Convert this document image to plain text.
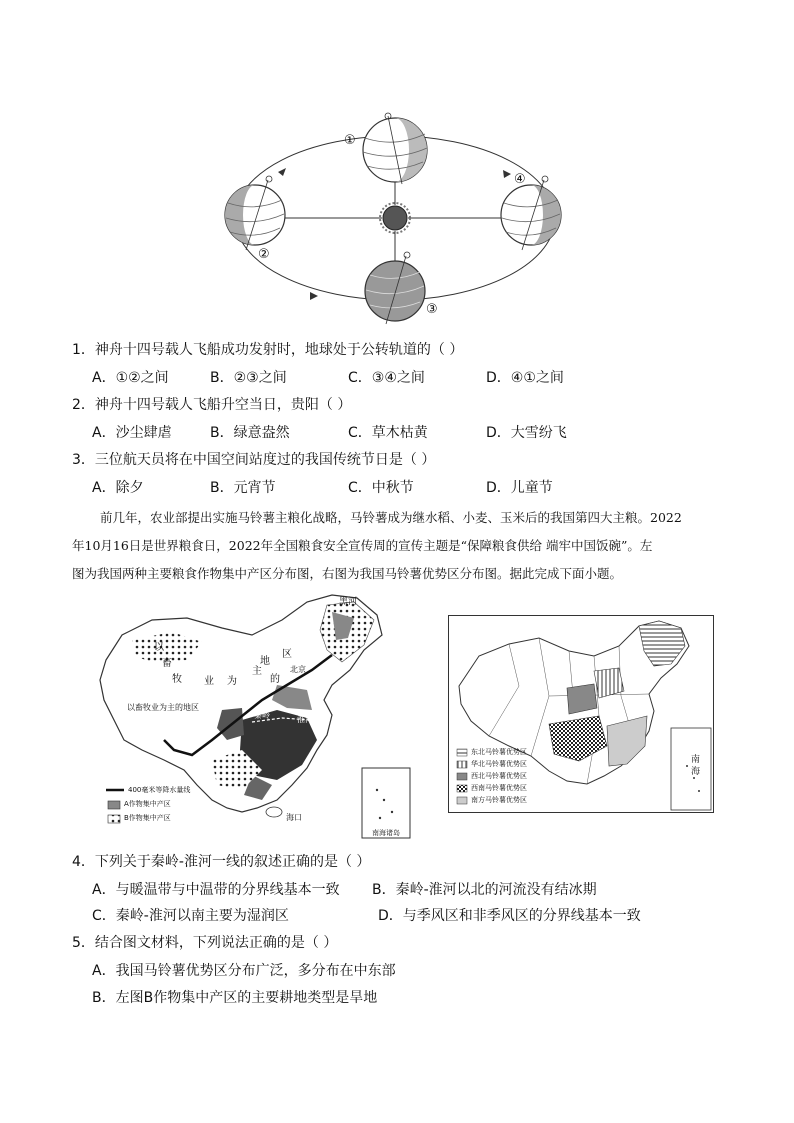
①
②
③
④
1．神舟十四号载人飞船成功发射时，地球处于公转轨道的（ ）
A．①②之间	B．②③之间	C．③④之间	D．④①之间
2．神舟十四号载人飞船升空当日，贵阳（ ）
A．沙尘肆虐	B．绿意盎然	C．草木枯黄	D．大雪纷飞
3．三位航天员将在中国空间站度过的我国传统节日是（ ）
A．除夕	B．元宵节	C．中秋节	D．儿童节

前几年，农业部提出实施马铃薯主粮化战略，马铃薯成为继水稻、小麦、玉米后的我国第四大主粮。2022

年10月16日是世界粮食日，2022年全国粮食安全宣传周的宣传主题是“保障粮食供给 端牢中国饭碗”。左

图为我国两种主要粮食作物集中产区分布图，右图为我国马铃薯优势区分布图。据此完成下面小题。

黑河
以
畜
牧 业 为
主
的
地
区
以畜牧业为主的地区
北京
秦岭	淮河
海口
南海诸岛
400毫米等降水量线
A作物集中产区
B作物集中产区
东北马铃薯优势区
华北马铃薯优势区
西北马铃薯优势区
西南马铃薯优势区
南方马铃薯优势区
南海
4．下列关于秦岭-淮河一线的叙述正确的是（ ）
A．与暖温带与中温带的分界线基本一致 B．秦岭-淮河以北的河流没有结冰期
C．秦岭-淮河以南主要为湿润区	D．与季风区和非季风区的分界线基本一致
5．结合图文材料，下列说法正确的是（ ）
A．我国马铃薯优势区分布广泛，多分布在中东部
B．左图B作物集中产区的主要耕地类型是旱地
